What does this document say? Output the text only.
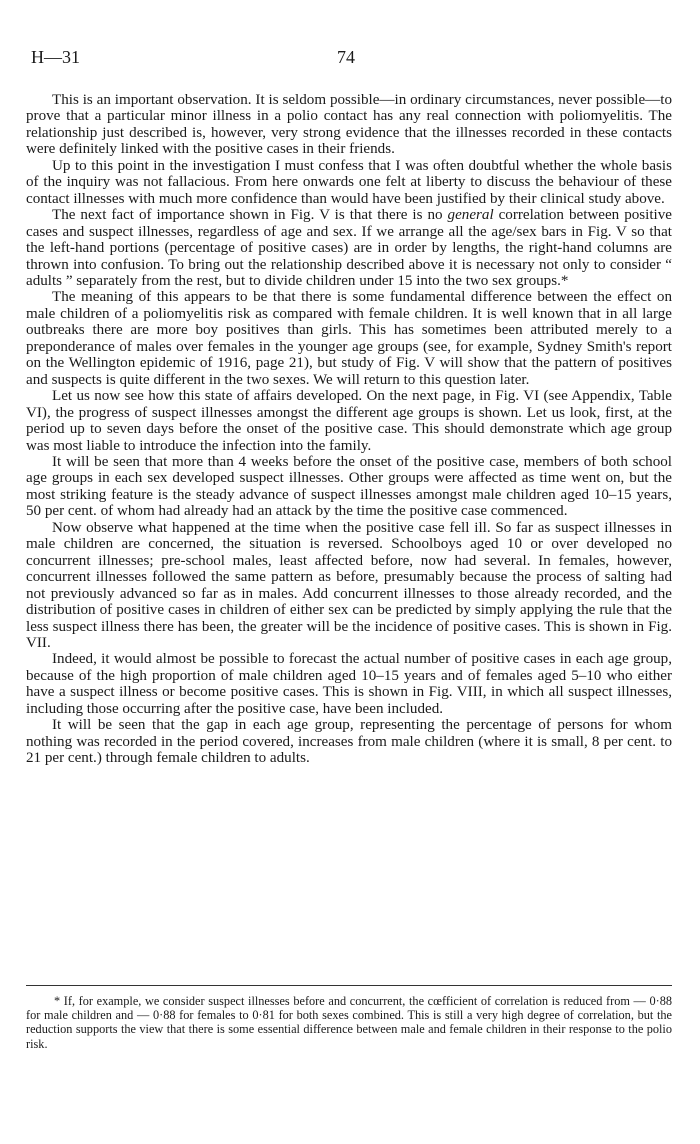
H—31	74

This is an important observation. It is seldom possible—in ordinary circumstances, never possible—to prove that a particular minor illness in a polio contact has any real connection with poliomyelitis. The relationship just described is, however, very strong evidence that the illnesses recorded in these contacts were definitely linked with the positive cases in their friends.

Up to this point in the investigation I must confess that I was often doubtful whether the whole basis of the inquiry was not fallacious. From here onwards one felt at liberty to discuss the behaviour of these contact illnesses with much more confidence than would have been justified by their clinical study above.

The next fact of importance shown in Fig. V is that there is no general correlation between positive cases and suspect illnesses, regardless of age and sex. If we arrange all the age/sex bars in Fig. V so that the left-hand portions (percentage of positive cases) are in order by lengths, the right-hand columns are thrown into confusion. To bring out the relationship described above it is necessary not only to consider “ adults ” separately from the rest, but to divide children under 15 into the two sex groups.*

The meaning of this appears to be that there is some fundamental difference between the effect on male children of a poliomyelitis risk as compared with female children. It is well known that in all large outbreaks there are more boy positives than girls. This has sometimes been attributed merely to a preponderance of males over females in the younger age groups (see, for example, Sydney Smith's report on the Wellington epidemic of 1916, page 21), but study of Fig. V will show that the pattern of positives and suspects is quite different in the two sexes. We will return to this question later.

Let us now see how this state of affairs developed. On the next page, in Fig. VI (see Appendix, Table VI), the progress of suspect illnesses amongst the different age groups is shown. Let us look, first, at the period up to seven days before the onset of the positive case. This should demonstrate which age group was most liable to introduce the infection into the family.

It will be seen that more than 4 weeks before the onset of the positive case, members of both school age groups in each sex developed suspect illnesses. Other groups were affected as time went on, but the most striking feature is the steady advance of suspect illnesses amongst male children aged 10–15 years, 50 per cent. of whom had already had an attack by the time the positive case commenced.

Now observe what happened at the time when the positive case fell ill. So far as suspect illnesses in male children are concerned, the situation is reversed. Schoolboys aged 10 or over developed no concurrent illnesses; pre-school males, least affected before, now had several. In females, however, concurrent illnesses followed the same pattern as before, presumably because the process of salting had not previously advanced so far as in males. Add concurrent illnesses to those already recorded, and the distribution of positive cases in children of either sex can be predicted by simply applying the rule that the less suspect illness there has been, the greater will be the incidence of positive cases. This is shown in Fig. VII.

Indeed, it would almost be possible to forecast the actual number of positive cases in each age group, because of the high proportion of male children aged 10–15 years and of females aged 5–10 who either have a suspect illness or become positive cases. This is shown in Fig. VIII, in which all suspect illnesses, including those occurring after the positive case, have been included.

It will be seen that the gap in each age group, representing the percentage of persons for whom nothing was recorded in the period covered, increases from male children (where it is small, 8 per cent. to 21 per cent.) through female children to adults.

* If, for example, we consider suspect illnesses before and concurrent, the cœfficient of correlation is reduced from — 0·88 for male children and — 0·88 for females to 0·81 for both sexes combined. This is still a very high degree of correlation, but the reduction supports the view that there is some essential difference between male and female children in their response to the polio risk.
